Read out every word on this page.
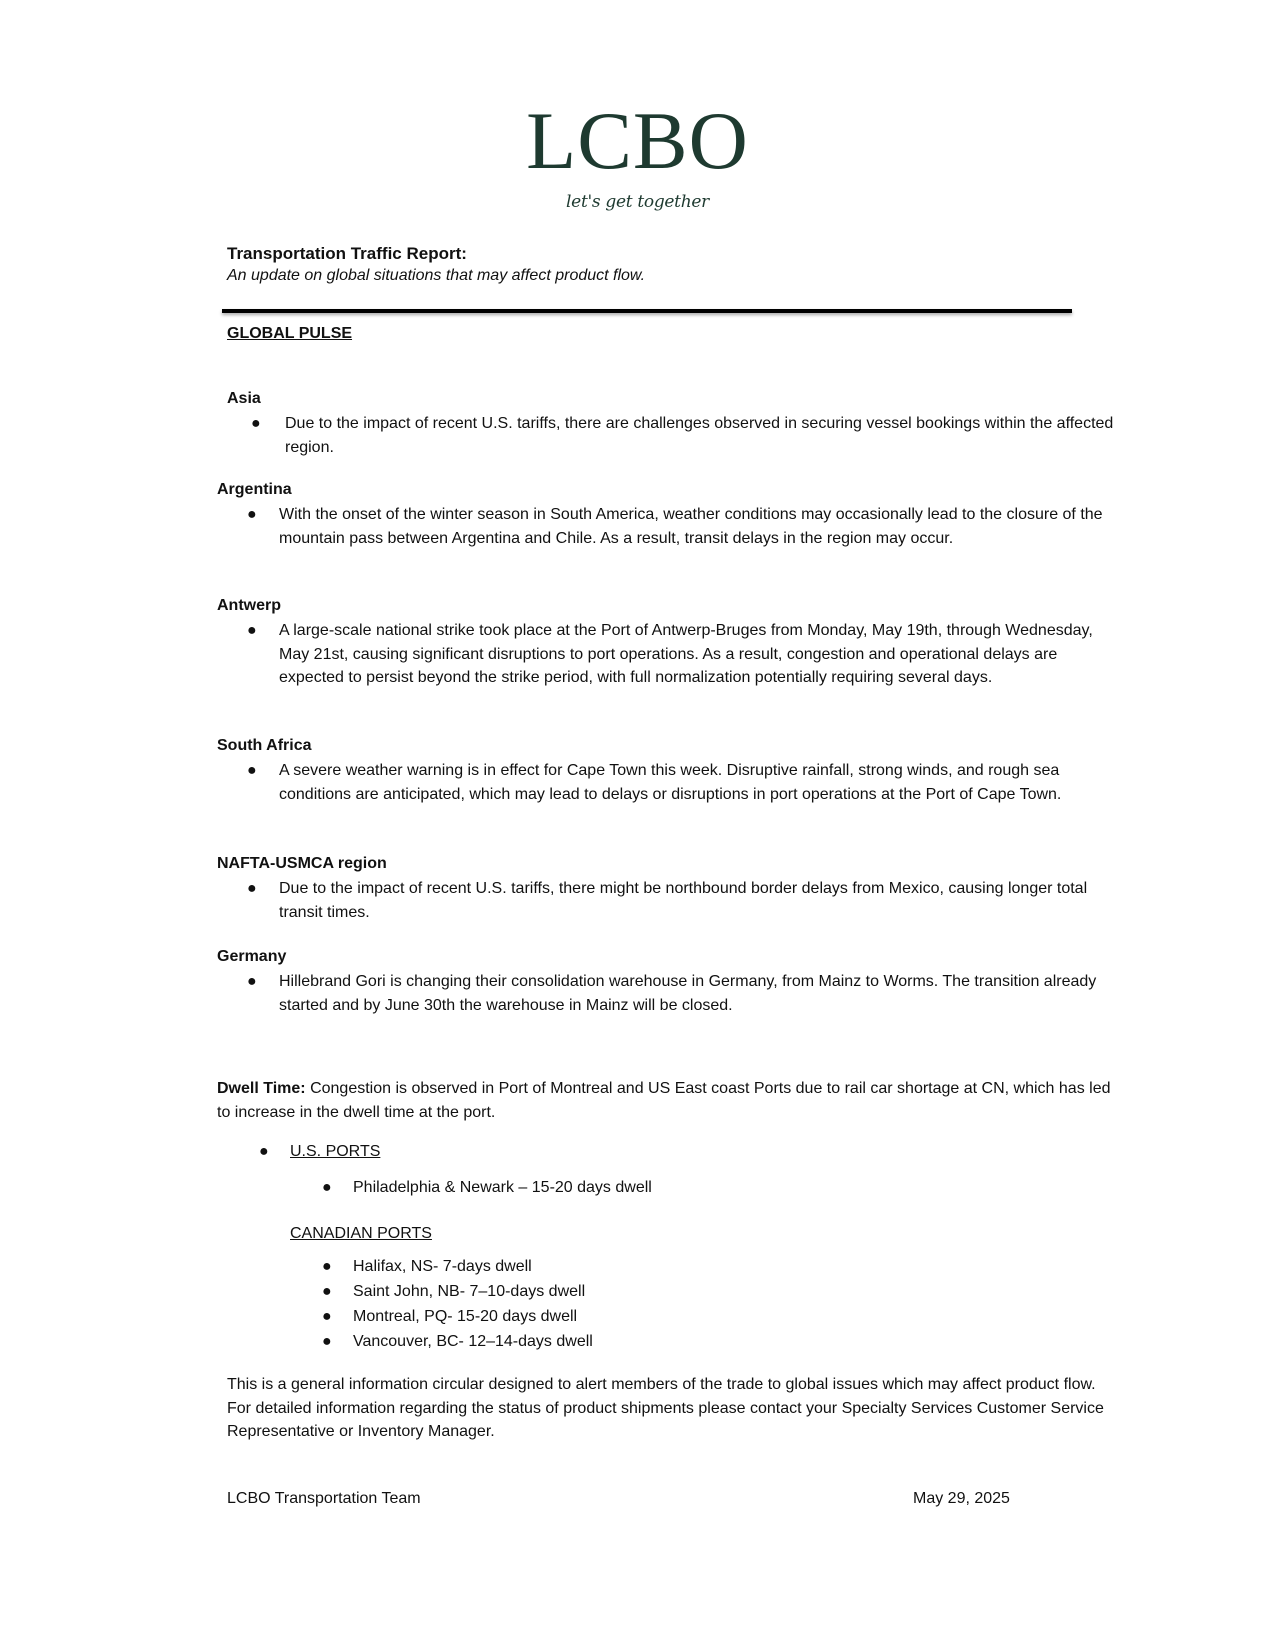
LCBO
let's get together

Transportation Traffic Report:

An update on global situations that may affect product flow.

GLOBAL PULSE

Asia

● Due to the impact of recent U.S. tariffs, there are challenges observed in securing vessel bookings within the affected region.

Argentina

● With the onset of the winter season in South America, weather conditions may occasionally lead to the closure of the mountain pass between Argentina and Chile. As a result, transit delays in the region may occur.

Antwerp

● A large-scale national strike took place at the Port of Antwerp-Bruges from Monday, May 19th, through Wednesday, May 21st, causing significant disruptions to port operations. As a result, congestion and operational delays are expected to persist beyond the strike period, with full normalization potentially requiring several days.

South Africa

● A severe weather warning is in effect for Cape Town this week. Disruptive rainfall, strong winds, and rough sea conditions are anticipated, which may lead to delays or disruptions in port operations at the Port of Cape Town.

NAFTA-USMCA region

● Due to the impact of recent U.S. tariffs, there might be northbound border delays from Mexico, causing longer total transit times.

Germany

● Hillebrand Gori is changing their consolidation warehouse in Germany, from Mainz to Worms. The transition already started and by June 30th the warehouse in Mainz will be closed.

Dwell Time: Congestion is observed in Port of Montreal and US East coast Ports due to rail car shortage at CN, which has led to increase in the dwell time at the port.

● U.S. PORTS
● Philadelphia & Newark – 15-20 days dwell
CANADIAN PORTS
● Halifax, NS- 7-days dwell
● Saint John, NB- 7–10-days dwell
● Montreal, PQ- 15-20 days dwell
● Vancouver, BC- 12–14-days dwell

This is a general information circular designed to alert members of the trade to global issues which may affect product flow. For detailed information regarding the status of product shipments please contact your Specialty Services Customer Service Representative or Inventory Manager.

LCBO Transportation Team	May 29, 2025
